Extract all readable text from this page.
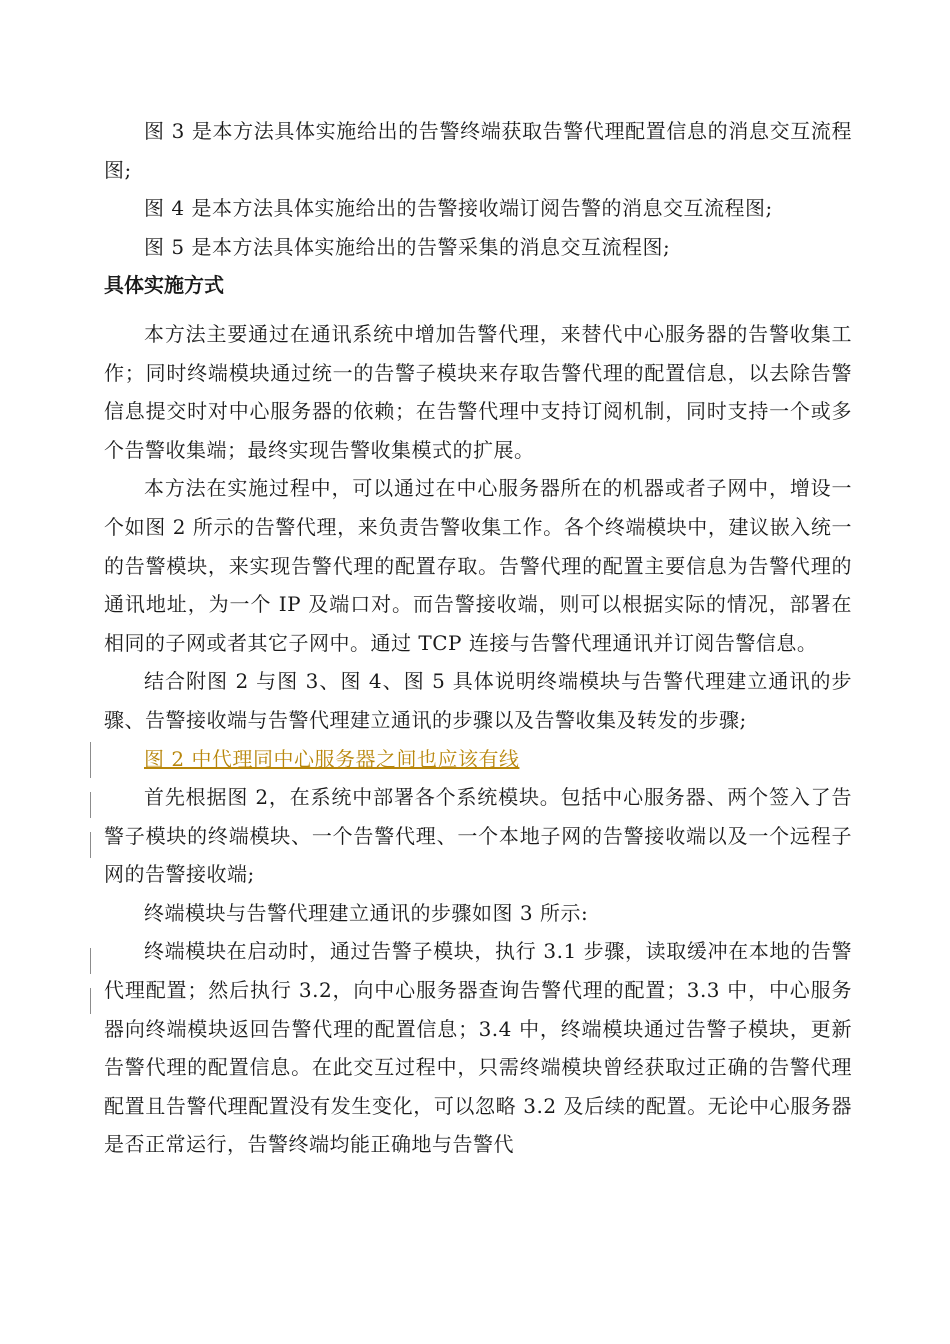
图 3 是本方法具体实施给出的告警终端获取告警代理配置信息的消息交互流程图;

图 4 是本方法具体实施给出的告警接收端订阅告警的消息交互流程图;

图 5 是本方法具体实施给出的告警采集的消息交互流程图;

具体实施方式

本方法主要通过在通讯系统中增加告警代理，来替代中心服务器的告警收集工作；同时终端模块通过统一的告警子模块来存取告警代理的配置信息，以去除告警信息提交时对中心服务器的依赖；在告警代理中支持订阅机制，同时支持一个或多个告警收集端；最终实现告警收集模式的扩展。

本方法在实施过程中，可以通过在中心服务器所在的机器或者子网中，增设一个如图 2 所示的告警代理，来负责告警收集工作。各个终端模块中，建议嵌入统一的告警模块，来实现告警代理的配置存取。告警代理的配置主要信息为告警代理的通讯地址，为一个 IP 及端口对。而告警接收端，则可以根据实际的情况，部署在相同的子网或者其它子网中。通过 TCP 连接与告警代理通讯并订阅告警信息。

结合附图 2 与图 3、图 4、图 5 具体说明终端模块与告警代理建立通讯的步骤、告警接收端与告警代理建立通讯的步骤以及告警收集及转发的步骤;

图 2 中代理同中心服务器之间也应该有线

首先根据图 2，在系统中部署各个系统模块。包括中心服务器、两个签入了告警子模块的终端模块、一个告警代理、一个本地子网的告警接收端以及一个远程子网的告警接收端;

终端模块与告警代理建立通讯的步骤如图 3 所示:

终端模块在启动时，通过告警子模块，执行 3.1 步骤，读取缓冲在本地的告警代理配置；然后执行 3.2，向中心服务器查询告警代理的配置；3.3 中，中心服务器向终端模块返回告警代理的配置信息；3.4 中，终端模块通过告警子模块，更新告警代理的配置信息。在此交互过程中，只需终端模块曾经获取过正确的告警代理配置且告警代理配置没有发生变化，可以忽略 3.2 及后续的配置。无论中心服务器是否正常运行，告警终端均能正确地与告警代
